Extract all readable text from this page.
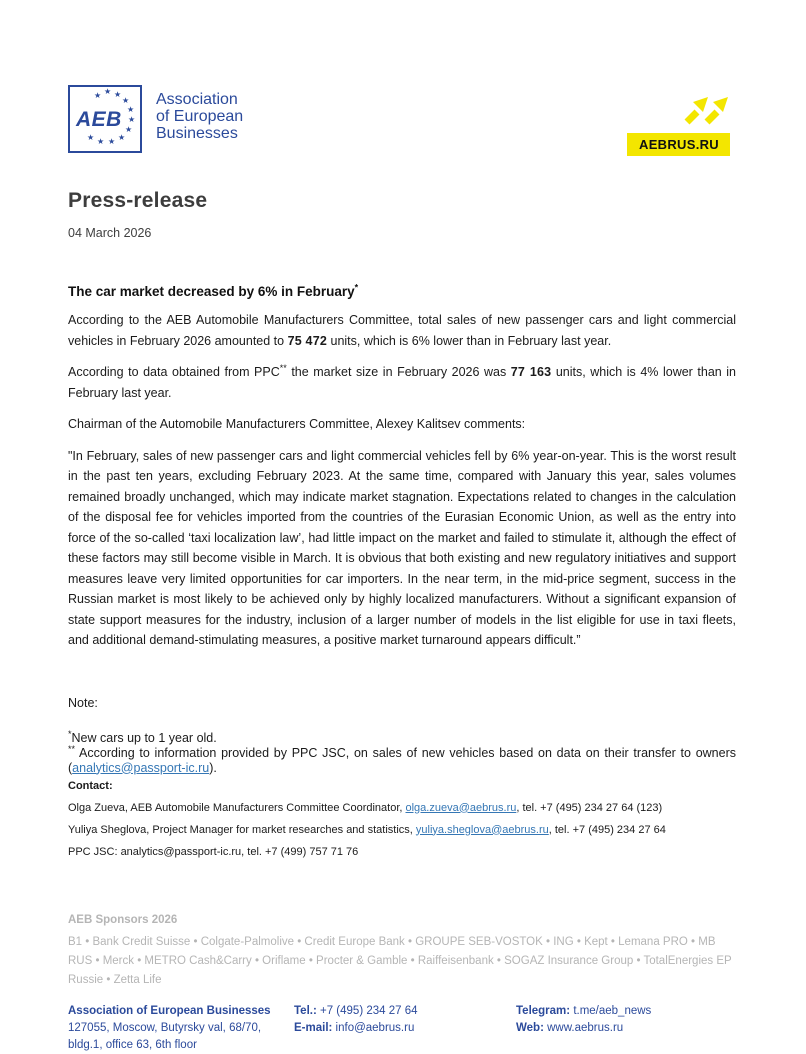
AEB
★ ★ ★
★
★
★
★
★
★
★
★
Association
of European
Businesses
AEBRUS.RU
Press-release
04 March 2026
The car market decreased by 6% in February*

According to the AEB Automobile Manufacturers Committee, total sales of new passenger cars and light commercial vehicles in February 2026 amounted to 75 472 units, which is 6% lower than in February last year.

According to data obtained from PPC** the market size in February 2026 was 77 163 units, which is 4% lower than in February last year.

Chairman of the Automobile Manufacturers Committee, Alexey Kalitsev comments:

"In February, sales of new passenger cars and light commercial vehicles fell by 6% year-on-year. This is the worst result in the past ten years, excluding February 2023. At the same time, compared with January this year, sales volumes remained broadly unchanged, which may indicate market stagnation. Expectations related to changes in the calculation of the disposal fee for vehicles imported from the countries of the Eurasian Economic Union, as well as the entry into force of the so-called ‘taxi localization law’, had little impact on the market and failed to stimulate it, although the effect of these factors may still become visible in March. It is obvious that both existing and new regulatory initiatives and support measures leave very limited opportunities for car importers. In the near term, in the mid-price segment, success in the Russian market is most likely to be achieved only by highly localized manufacturers. Without a significant expansion of state support measures for the industry, inclusion of a larger number of models in the list eligible for use in taxi fleets, and additional demand-stimulating measures, a positive market turnaround appears difficult.”

Note:
*New cars up to 1 year old.
** According to information provided by PPC JSC, on sales of new vehicles based on data on their transfer to owners (analytics@passport-ic.ru).
Contact:
Olga Zueva, AEB Automobile Manufacturers Committee Coordinator, olga.zueva@aebrus.ru, tel. +7 (495) 234 27 64 (123)
Yuliya Sheglova, Project Manager for market researches and statistics, yuliya.sheglova@aebrus.ru, tel. +7 (495) 234 27 64
PPC JSC: analytics@passport-ic.ru, tel. +7 (499) 757 71 76
AEB Sponsors 2026
B1 • Bank Credit Suisse • Colgate-Palmolive • Credit Europe Bank • GROUPE SEB-VOSTOK • ING • Kept • Lemana PRO • MB RUS • Merck • METRO Cash&Carry • Oriflame • Procter & Gamble • Raiffeisenbank • SOGAZ Insurance Group • TotalEnergies EP Russie • Zetta Life
Association of European Businesses
127055, Moscow, Butyrsky val, 68/70,
bldg.1, office 63, 6th floor
Tel.: +7 (495) 234 27 64
E-mail: info@aebrus.ru
Telegram: t.me/aeb_news
Web: www.aebrus.ru
